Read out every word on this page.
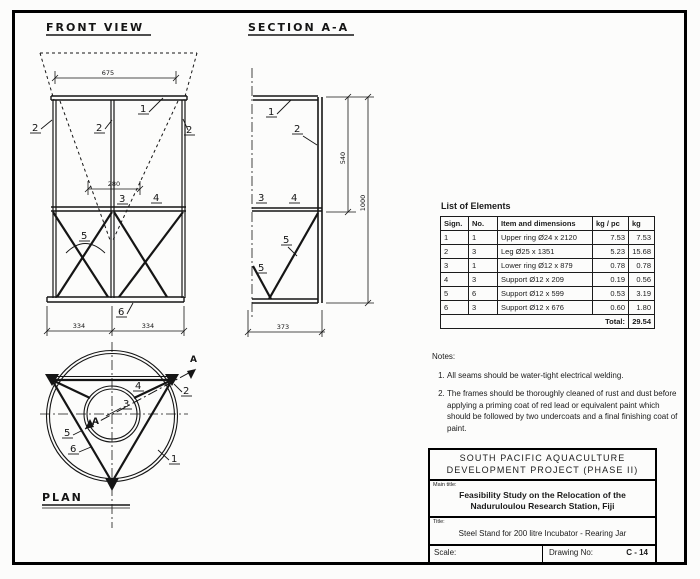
FRONT VIEW
675
280
334	334
1
2	2	2
3	4
5
6
SECTION A-A
540
1000
373
1
2
3	4
5
5
A
A
2
4
3
5
6
1
PLAN
List of Elements
Sign.	No.	Item and dimensions	kg / pc	kg
1	1	Upper ring Ø24 x 2120	7.53	7.53
2	3	Leg Ø25 x 1351	5.23	15.68
3	1	Lower ring Ø12 x 879	0.78	0.78
4	3	Support Ø12 x 209	0.19	0.56
5	6	Support Ø12 x 599	0.53	3.19
6	3	Support Ø12 x 676	0.60	1.80
Total:				29.54
Notes:
1. All seams should be water-tight electrical welding.
2. The frames should be thoroughly cleaned of rust and dust before applying a priming coat of red lead or equivalent paint which should be followed by two undercoats and a final finishing coat of paint.
SOUTH PACIFIC AQUACULTURE
DEVELOPMENT PROJECT (PHASE II)
Main title:
Feasibility Study on the Relocation of the
Naduruloulou Research Station, Fiji
Title:
Steel Stand for 200 litre Incubator - Rearing Jar
Scale:	Drawing No:	C - 14
